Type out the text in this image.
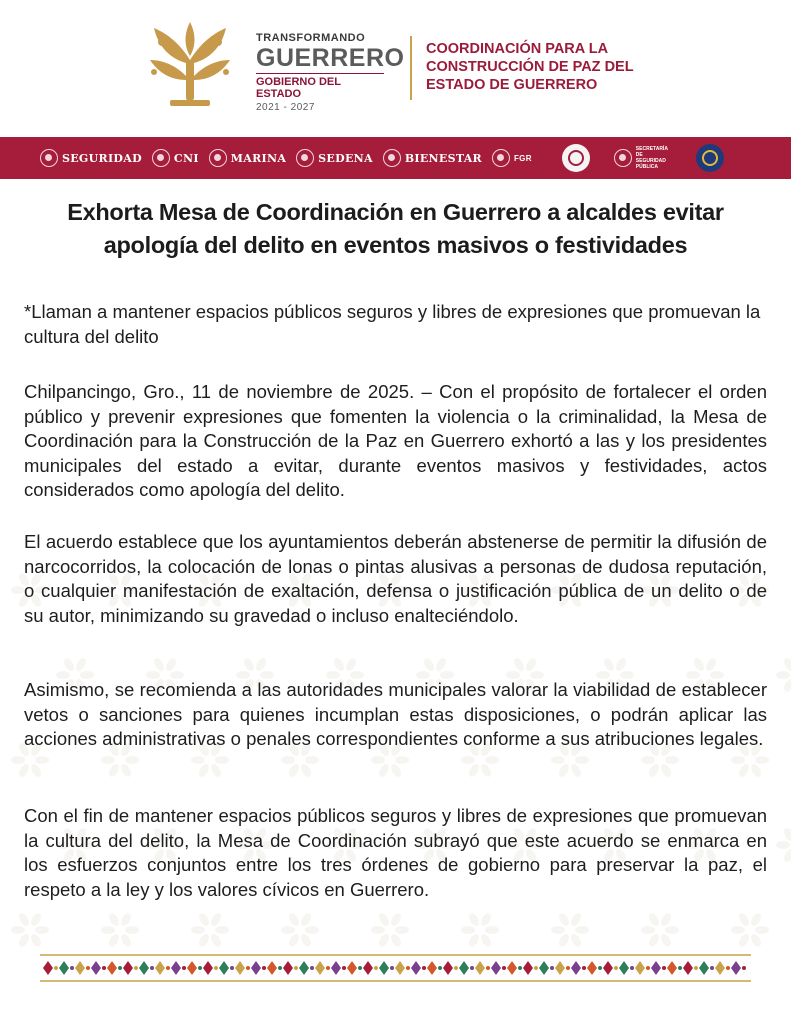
TRANSFORMANDO
GUERRERO
GOBIERNO DEL ESTADO
2021 - 2027
COORDINACIÓN PARA LA
CONSTRUCCIÓN DE PAZ DEL
ESTADO DE GUERRERO
SEGURIDAD	CNI	MARINA	SEDENA	BIENESTAR	FGR
SECRETARÍA DE SEGURIDAD PÚBLICA
Exhorta Mesa de Coordinación en Guerrero a alcaldes evitar apología del delito en eventos masivos o festividades

*Llaman a mantener espacios públicos seguros y libres de expresiones que promuevan la cultura del delito

Chilpancingo, Gro., 11 de noviembre de 2025. – Con el propósito de fortalecer el orden público y prevenir expresiones que fomenten la violencia o la criminalidad, la Mesa de Coordinación para la Construcción de la Paz en Guerrero exhortó a las y los presidentes municipales del estado a evitar, durante eventos masivos y festividades, actos considerados como apología del delito.

El acuerdo establece que los ayuntamientos deberán abstenerse de permitir la difusión de narcocorridos, la colocación de lonas o pintas alusivas a personas de dudosa reputación, o cualquier manifestación de exaltación, defensa o justificación pública de un delito o de su autor, minimizando su gravedad o incluso enalteciéndolo.

Asimismo, se recomienda a las autoridades municipales valorar la viabilidad de establecer vetos o sanciones para quienes incumplan estas disposiciones, o podrán aplicar las acciones administrativas o penales correspondientes conforme a sus atribuciones legales.

Con el fin de mantener espacios públicos seguros y libres de expresiones que promuevan la cultura del delito, la Mesa de Coordinación subrayó que este acuerdo se enmarca en los esfuerzos conjuntos entre los tres órdenes de gobierno para preservar la paz, el respeto a la ley y los valores cívicos en Guerrero.
